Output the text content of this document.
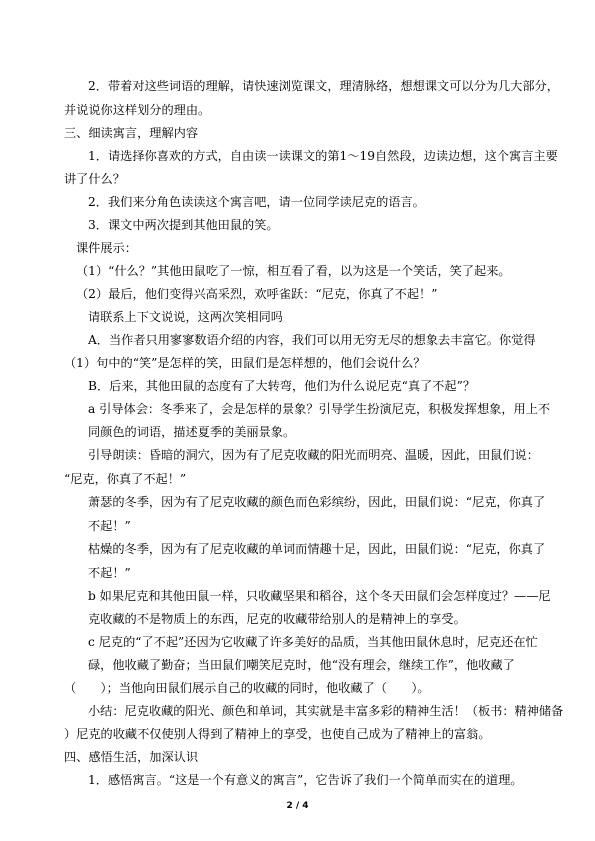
2．带着对这些词语的理解，请快速浏览课文，理清脉络，想想课文可以分为几大部分，
并说说你这样划分的理由。
三、细读寓言，理解内容
1．请选择你喜欢的方式，自由读一读课文的第1～19自然段，边读边想，这个寓言主要
讲了什么？
2．我们来分角色读读这个寓言吧，请一位同学读尼克的语言。
3．课文中两次提到其他田鼠的笑。
课件展示：
（1）“什么？”其他田鼠吃了一惊，相互看了看，以为这是一个笑话，笑了起来。
（2）最后，他们变得兴高采烈，欢呼雀跃：“尼克，你真了不起！”
请联系上下文说说，这两次笑相同吗
A．当作者只用寥寥数语介绍的内容，我们可以用无穷无尽的想象去丰富它。你觉得
（1）句中的“笑”是怎样的笑，田鼠们是怎样想的，他们会说什么？
B．后来，其他田鼠的态度有了大转弯，他们为什么说尼克“真了不起”？
a 引导体会：冬季来了，会是怎样的景象？引导学生扮演尼克，积极发挥想象，用上不
同颜色的词语，描述夏季的美丽景象。
引导朗读：昏暗的洞穴，因为有了尼克收藏的阳光而明亮、温暖，因此，田鼠们说：
“尼克，你真了不起！”
萧瑟的冬季，因为有了尼克收藏的颜色而色彩缤纷，因此，田鼠们说：“尼克，你真了
不起！”
枯燥的冬季，因为有了尼克收藏的单词而情趣十足，因此，田鼠们说：“尼克，你真了
不起！”
b 如果尼克和其他田鼠一样，只收藏坚果和稻谷，这个冬天田鼠们会怎样度过？——尼
克收藏的不是物质上的东西，尼克的收藏带给别人的是精神上的享受。
c 尼克的“了不起”还因为它收藏了许多美好的品质，当其他田鼠休息时，尼克还在忙
碌，他收藏了勤奋；当田鼠们嘲笑尼克时，他“没有理会，继续工作”，他收藏了
（　　）；当他向田鼠们展示自己的收藏的同时，他收藏了（　　）。
小结：尼克收藏的阳光、颜色和单词，其实就是丰富多彩的精神生活！（板书：精神储备
）尼克的收藏不仅使别人得到了精神上的享受，也使自己成为了精神上的富翁。
四、感悟生活，加深认识
1．感悟寓言。“这是一个有意义的寓言”，它告诉了我们一个简单而实在的道理。
2 / 4
